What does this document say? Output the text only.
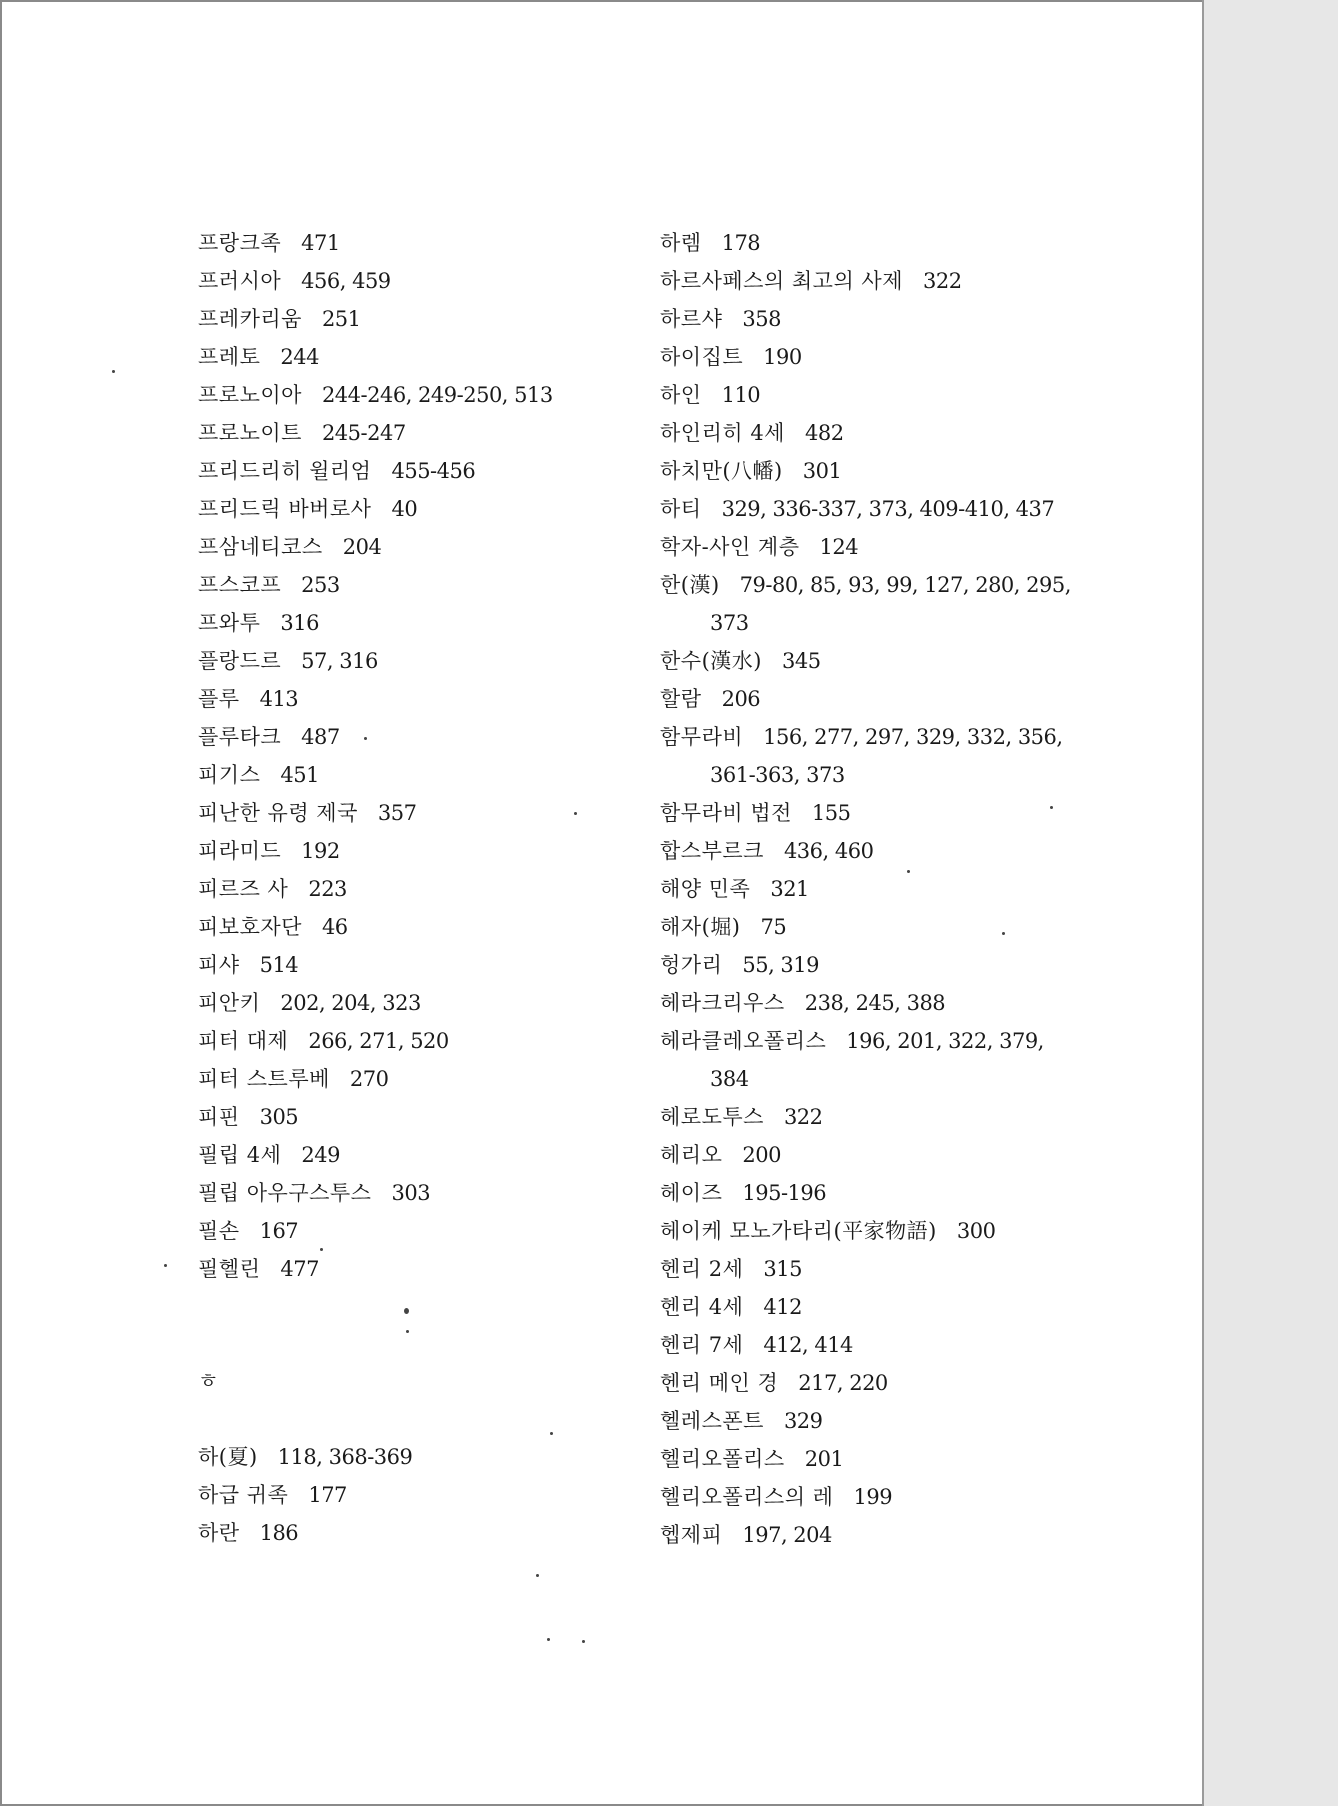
프랑크족 471
프러시아 456, 459
프레카리움 251
프레토 244
프로노이아 244-246, 249-250, 513
프로노이트 245-247
프리드리히 윌리엄 455-456
프리드릭 바버로사 40
프삼네티코스 204
프스코프 253
프와투 316
플랑드르 57, 316
플루 413
플루타크 487
피기스 451
피난한 유령 제국 357
피라미드 192
피르즈 사 223
피보호자단 46
피샤 514
피안키 202, 204, 323
피터 대제 266, 271, 520
피터 스트루베 270
피핀 305
필립 4세 249
필립 아우구스투스 303
필손 167
필헬린 477
ㅎ
하(夏) 118, 368-369
하급 귀족 177
하란 186
하렘 178
하르사페스의 최고의 사제 322
하르샤 358
하이집트 190
하인 110
하인리히 4세 482
하치만(八幡) 301
하티 329, 336-337, 373, 409-410, 437
학자-사인 계층 124
한(漢) 79-80, 85, 93, 99, 127, 280, 295,
373
한수(漢水) 345
할람 206
함무라비 156, 277, 297, 329, 332, 356,
361-363, 373
함무라비 법전 155
합스부르크 436, 460
해양 민족 321
해자(堀) 75
헝가리 55, 319
헤라크리우스 238, 245, 388
헤라클레오폴리스 196, 201, 322, 379,
384
헤로도투스 322
헤리오 200
헤이즈 195-196
헤이케 모노가타리(平家物語) 300
헨리 2세 315
헨리 4세 412
헨리 7세 412, 414
헨리 메인 경 217, 220
헬레스폰트 329
헬리오폴리스 201
헬리오폴리스의 레 199
헵제피 197, 204
